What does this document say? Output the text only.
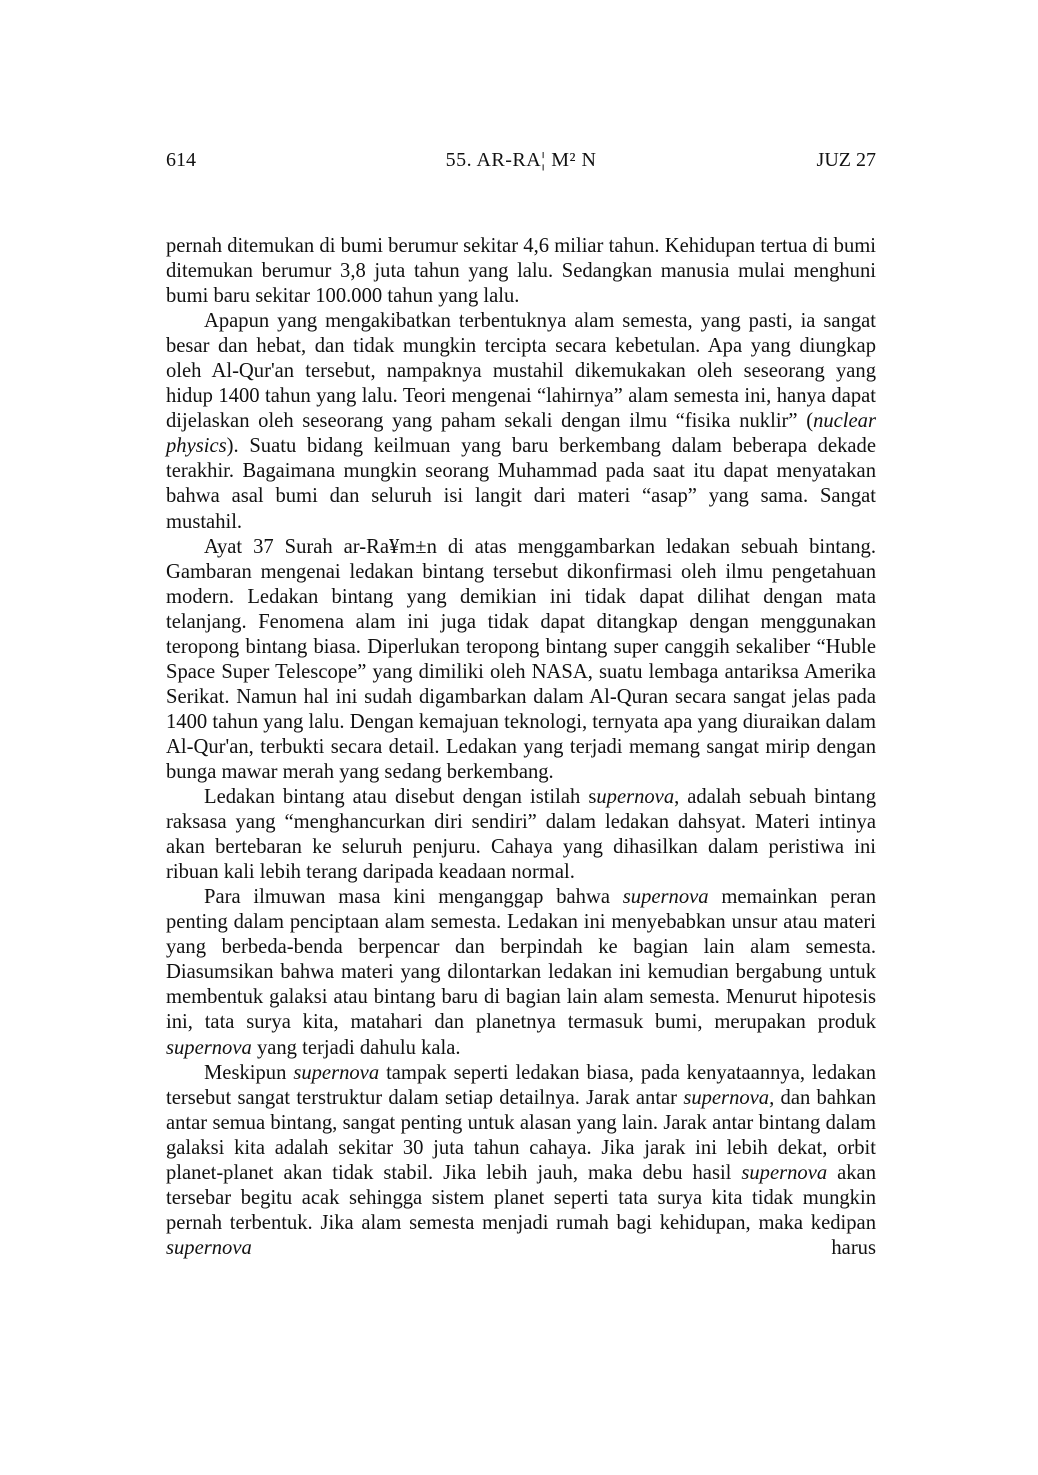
614	55. AR-RA¦ M² N	JUZ 27

pernah ditemukan di bumi berumur sekitar 4,6 miliar tahun. Kehidupan tertua di bumi ditemukan berumur 3,8 juta tahun yang lalu. Sedangkan manusia mulai menghuni bumi baru sekitar 100.000 tahun yang lalu.

Apapun yang mengakibatkan terbentuknya alam semesta, yang pasti, ia sangat besar dan hebat, dan tidak mungkin tercipta secara kebetulan. Apa yang diungkap oleh Al-Qur'an tersebut, nampaknya mustahil dikemukakan oleh seseorang yang hidup 1400 tahun yang lalu. Teori mengenai “lahirnya” alam semesta ini, hanya dapat dijelaskan oleh seseorang yang paham sekali dengan ilmu “fisika nuklir” (nuclear physics). Suatu bidang keilmuan yang baru berkembang dalam beberapa dekade terakhir. Bagaimana mungkin seorang Muhammad pada saat itu dapat menyatakan bahwa asal bumi dan seluruh isi langit dari materi “asap” yang sama. Sangat mustahil.

Ayat 37 Surah ar-Ra¥m±n di atas menggambarkan ledakan sebuah bintang. Gambaran mengenai ledakan bintang tersebut dikonfirmasi oleh ilmu pengetahuan modern. Ledakan bintang yang demikian ini tidak dapat dilihat dengan mata telanjang. Fenomena alam ini juga tidak dapat ditangkap dengan menggunakan teropong bintang biasa. Diperlukan teropong bintang super canggih sekaliber “Huble Space Super Telescope” yang dimiliki oleh NASA, suatu lembaga antariksa Amerika Serikat. Namun hal ini sudah digambarkan dalam Al-Quran secara sangat jelas pada 1400 tahun yang lalu. Dengan kemajuan teknologi, ternyata apa yang diuraikan dalam Al-Qur'an, terbukti secara detail. Ledakan yang terjadi memang sangat mirip dengan bunga mawar merah yang sedang berkembang.

Ledakan bintang atau disebut dengan istilah supernova, adalah sebuah bintang raksasa yang “menghancurkan diri sendiri” dalam ledakan dahsyat. Materi intinya akan bertebaran ke seluruh penjuru. Cahaya yang dihasilkan dalam peristiwa ini ribuan kali lebih terang daripada keadaan normal.

Para ilmuwan masa kini menganggap bahwa supernova memainkan peran penting dalam penciptaan alam semesta. Ledakan ini menyebabkan unsur atau materi yang berbeda-benda berpencar dan berpindah ke bagian lain alam semesta. Diasumsikan bahwa materi yang dilontarkan ledakan ini kemudian bergabung untuk membentuk galaksi atau bintang baru di bagian lain alam semesta. Menurut hipotesis ini, tata surya kita, matahari dan planetnya termasuk bumi, merupakan produk supernova yang terjadi dahulu kala.

Meskipun supernova tampak seperti ledakan biasa, pada kenyataannya, ledakan tersebut sangat terstruktur dalam setiap detailnya. Jarak antar supernova, dan bahkan antar semua bintang, sangat penting untuk alasan yang lain. Jarak antar bintang dalam galaksi kita adalah sekitar 30 juta tahun cahaya. Jika jarak ini lebih dekat, orbit planet-planet akan tidak stabil. Jika lebih jauh, maka debu hasil supernova akan tersebar begitu acak sehingga sistem planet seperti tata surya kita tidak mungkin pernah terbentuk. Jika alam semesta menjadi rumah bagi kehidupan, maka kedipan supernova harus
